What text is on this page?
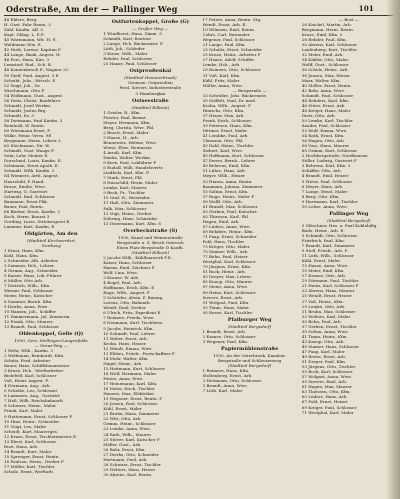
Oderstraße, Am der — Pallinger Weg	101

48 Ehlers, Berg

H. Gast. Fahr Rentn. 3

Zahl. Kaufm. Alf. 3

Kapt. Oldag. L. E.F.

40 Warmmann, Wit. H. E.

Waldmann Wm. E.

42 Huth, Lorenz, Kapitan F.

44 Lange, Bank, Angest. H.

46 Fors, Hans, Kim. 3

Lemstorf, Rud., Sch. B.

48 Konnenbruch F., Wagner 2C

50 Dietf. Paul, Angest. 3 E

Scheibt, Johs., Wrtsch. F.

52 Voigt, Joh., Dr.

Wiechmann, Otto F.

54 Wolfmann, Gust., Angest.

56 Deitz, Christ. Bauführer

Schmidt, Josef Werkm.

Schmidt, Justus Brg.

Schmidt, Pa. 3

58 Dietmann, Paul Kaufm. 3

Reinhold, W. Rentn.

60 Wiesmann Ernst, F.

Wilke, Heinr. Verm. 9E

Bergmann, Herm. Lehrer 3

62 Stöckmann, Dir. W.

Schmidt, Gust. Waage F.

Suhr, Lehr. Meiner E.

Dorscheid, Louis, Kaufm. E.

Schimann, Ernst Apoth. E.

Schmidt, Wilh. Kaufm. 3

64 Wiemers, Arth. Angest.

Hauschild, P. Hand.

Kruse, Emilie, Wwe.

Hartwig, G. Gastwirt

Schmidt, Rud. Schlosser

Baumann, Ernst Fkk.

Bauer, Paul, Rentn.

66 Bäcker, Ernst, Kaufm. 3

Koch, Herm. Baurat 3

Gerding, Lucie, Strickergerei E.

Lammer, Kurt, Kaufm. E

Oldgärten, Am den

(Stadtteil Kirchwerder)

Nordweg

1 Ernst, Hans, Kfm.

Kohl, Hans, Kfm.

2 Schneider, Alb. Arbeiter

3 Sommer, Hch., Lehrer

4 Grimm, Aug., Schneider

5 Kaiser, Hans, Lok.-Führer

6 Müller, Otto Arb.

7 Dietrich, Wilh., Kfm.

Werner, Paul, Schlosser

Meier, Heinr., Kutscher

8 Sommer, Bernh. Kfm.

9 Dierks, Anna, Wwe.

10 Hansen, Joh., Schiffer

11 Zimmermann, Jul. Zimmerm.

12 Frank, Otto, Maurer

13 Brandt, Paul, Schlosser

Oldenkoppel, Gelle (Q)

1930, Gem. Stellingen-Langenfelde

— Grenz-Weg —

1 Wehr, Wilh., Kaufm. 3

2 Wolfmann, Reinhardt, Kfm.

Schütz, Ferd. Arbeiter

Bauer, Hans, Schiffsbaumeister

3 Kruse, Hch., Werftarbeiter

Bielefeld, Karl, Schlosser

Voß, Heinr. Angest. F.

4 Dörmann, Aug., Arb.

5 Scheibe, Leo, Schlosser

6 Lammers, Aug., Gastwirt

7 Haß, Wilh. Reichsbahnarb.

8 Schwarz, Heinr., Maler

Frank, Karl, Maler

9 Huttemann, Ernst, Schlosser F

10 Hinz, Heinr., Schneider

11 Voigt, Leo, Maler

Scheidt, Kurt, Maurerges.

12 Kruse, Ernst, Tischlermeister E.

13 Ebert, Karl, Schlosser

Rust, Hans, Arb.

14 Brandt, Kurt, Maler

15 Sprenger, Ernst, Rentn.

16 Paulsen, Herm., Dreher F

17 Müller, Karl, Tischler

Schulz, Ernst, Werftarb.

Ostfurtenkoppel, Große (G)

— Großer Weg —

1 Windhorst, Hans, Zimm. 3

Schmidt, Karl, Rentner

2 Lange, Hch. Bäckermstr. F.

Lüth, Joh., Schleifer

3 Kruse, Wilh., Maler

Rehder, Paul, Schlosser

25 Haase, Paul, Schlosser

Ostpreußenkai

(Stadtteil Hammerbrook)

Grenzen: Ostpreußen

Ferd. Sievert, Industriestraße

3 Hamburgkai

Ostseestraße

(Stadtteil Eilbeck)

1 Geisler, R., Kfm.

Förster, Paul, Beamt.

Meyer, Hermann, Kfm.

Berg, Christa, Wwe. Fkl.

2 Busch, Ernst, Maler

3 Haase, H., Arb.

Benneweis, Helene, Wwe.

Wiese, Elise, Rentnerin

4 Arndt, Karl, Kfm.

Dierks, Walter, Werkm.

5 Kern, Paul, Lokführer F

6 Rudolf, Wilh. Handelsvertr.

Lindholz, Karl, Kfm. F.

7 Stark, Ernst, Fkl.

8 Hauschild, Herm. Maler

Lemke, Karl, Maurer

9 Beck, Fr., Tischler

10 Graf, H., Reisender

11 Haß, Otto, Zimmerer

Falk, Max, Schlosser

12 Vogt, Heinr., Dreher

Döhring, Hans, Schneider

13 Ostermann, Kurt, Kfm. 8

Overbeckstraße (S)

1930, Kanal und Wennerstraße

Bergstraße u. S. Bruch Ostreich

Eisen Platz Bergstraße D Kaufh.

(Stadtteil Eilbeck)

2 Jacobs Wilh., Kühlbauwerk F.E.

Kaiser, Hans, Schlosser

Harms, Emil, Zeichner F

Wolf, Lina, Wwe.

3 Krause, W. Arb.

4 Bogel, Paul, Arb.

Hoffmann, Erich, Kfm. E

Ruge, Wilh., Angest. F

5 Schröder, Alwin, F. Bauing.

Lorenz, Otto, Bahnarb.

Wendt, Emil, Dreher

6 Ulrich, Fritz, Expedient E

7 Reimers, Frieda, Wwe.

8 Neumann, Karl, Tischlerm.

9 Jacobs, Heinrich, Kfm.

10 Schmidt, Paul, Lehrer

11 Weber, Ernst, Arb.

Krohn, Hans, Heizer

12 Wendt, Emma, Wwe.

13 Ehlers, Friedr., Postschaffner F

14 Mohr, Walter, Kfm.

Nagel, Heinr., Arb.

15 Heitmann, Kurt, Schlosser

16 Wulf, Hermann, Maler

Peters, Anna, Wwe.

17 Heinemann, Karl, Kfm.

18 Meier, Erich, Tischler

Hansen, Max, Elektriker

19 Wegener, Ernst, Rentn. F

20 Jessen, Paul, Schlosser

Kühl, Ernst, Maler

21 Bruhn, Hans, Zimmerer

22 Witt, Otto, Arb.

Grimm, Heinr., Schlosser

23 Lemke, Anna, Wwe.

24 Rath, Wilh., Maurer

25 Stöver, Karl, Kutscher F

Möller, Gust., Arb.

26 Bahr, Ernst, Kfm.

27 Dierks, Otto, Schneider

Hartmann, Paul, Arb.

28 Schwarz, Ernst, Tischler

29 Wolters, Hans, Heizer

30 Ahrens, Karl, Rentn.

17 Peters, Anna, Rentn. Stg.

Wendt, Ernst, Arb. E.

19 Wilmsen, Emil, Rentn.

Cohrs, Carl, Reisender

Wegener, Paul, Schlosser

21 Lange, Paul, Kfm.

23 Schultz, Ernst, Schneider

25 Kruse, Heinr., Arbeiter F

27 Haase, Adolf, Schiffer

Lemke, Hch., Arb.

29 Reimers, Otto, Schlosser

31 Voß, Karl, Kfm.

Kühl, Fritz, Maler

Möller, Anna, Wwe.

— Bergstraße —

33 Schröder, Johs. Bäckermstr.

35 Stöffelt, Paul, Dr. med.

Krohn, Wilh., Angest. F

Hinrichs, Otto, Kfm.

37 Heuer, Max, Arb.

Frank, Erich, Schlosser

39 Petersen, Hans, Kfm.

Dittmer, Ernst, Maler

41 Lembke, Paul, Arb.

Claussen, Otto, Fkl.

43 Dahl, Heinr., Tischler

Siebert, Karl, Wwe.

45 Hoffmann, Kurt, Schlosser

47 Ewers, Bernh., Lehrer

49 Behrens, Emil, Kfm.

51 Lührs, Hans, Arb.

Meyer, Wilh., Heizer

53 Harms, Anna, Rentn.

Baumann, Johann, Zimmerer

55 Soltau, Ernst, Kfm.

57 Ruge, Heinr., Maler F

59 Wulff, Otto, Arb.

61 Brandt, Max, Schlosser

63 Gerken, Paul, Kutscher

65 Thiessen, Karl, Fkl.

Hagen, Emil, Arb.

67 Lüders, Anna, Wwe.

69 Rehders, Heinr., Kfm.

71 Paap, Ernst, Schneider

Pohl, Hans, Tischler

73 Kröger, Otto, Maler

75 Stamer, Wilh., Arb.

77 Behn, Paul, Heizer

Westphal, Karl, Schlosser

79 Jürgens, Ernst, Kfm.

81 Bock, Heinr., Arb.

83 Dreyer, Max, Lehrer

85 Knoop, Otto, Maurer

87 Meier, Anna, Wwe.

89 Heins, Kurt, Schlosser

Sievers, Ernst, Arb.

91 Wolgast, Paul, Kfm.

93 Timm, Hans, Maler

95 Reese, Karl, Tischler

Pfalburger Weg

(Stadtteil Bergedorf)

1 Brandt, Ernst, Arb.

2 Krause, Otto, Schlosser

3 Wegener, Paul, Kfm.

Papiermühlenstraße

1930, An der Osterbrook, Kanalstr.

Bergstraße und Schleusenweg

(Stadtteil Bergedorf)

1 Reimers, Hans, Kfm.

Stoltenberg, Ernst, Arb.

3 Heitmann, Otto, Schlosser

5 Brandt, Anna, Wwe.

7 Lüth, Karl, Maler

— Bost —

26 Knickel, Martin, Arb.

Bergmann, Herm. Rentn.

Kruse, Emil, Kfm. 3

28 Rehder, Paul, Kfm.

30 Ahrens, Karl, Schlosser

Laufenberg, Kurt, Tischler

32 Meier, Emil, Arb.

34 Kähler, Otto, Maler

Wolff, Gust., Schlosser

36 Scholz, Heinr., Arb.

38 Jensen, Max, Heizer

Marx, Walter, Kfm.

40 Möller, Ernst, Rentn.

42 Bahr, Anna, Wwe.

Schmidt, Paul, Schlosser

44 Rehders, Karl, Kfm.

46 Stüve, Ernst, Arb.

48 Kröger, Hans, Maler

Dietz, Otto, Arb.

50 Lemke, Karl, Tischler

Sander, Paul, Schlosser

52 Wulf, Emma, Wwe.

54 Rath, Ernst, Kfm.

56 Hagen, Otto, Arb.

58 Voss, Hans, Maurer

60 Grimm, Kurt, Schlosser

2 Hochbergstraße, Nordhausen

Stiller, Ludwig, Gastwirt F

3 Behrens, Karl, Kfm. 3

Schäffer, Otto, Arb.

4 Brandt, Emil, Heizer

5 Wiese, Paul, Schlosser

6 Meyer, Hans, Arb.

7 Lange, Ernst, Maler

8 Berg, Otto, Kfm.

9 Hartmann, Karl, Tischler

10 Lohse, Anna, Wwe.

Pallinger Weg

(Stadtteil Bergedorf)

3 Gläschner, Hrn. u. Paul Kohlnhdlg.

Bodo, Heinr., Arb. E.

5 Schmidt, Otto, Schlosser

Friedrich, Paul, Kfm.

7 Brandt, Karl, Zimmerer

9 Stoll, Friedr., Arb. F.

11 Lüth, Wilh., Schlosser

Kühl, Ernst, Maler

13 Haase, Anna, Wwe.

15 Meier, Emil, Kfm.

17 Krause, Otto, Arb.

19 Dörmann, Paul, Tischler

21 Heins, Karl, Schlosser F

23 Ahrens, Hans, Maurer

25 Wendt, Ernst, Heizer

27 Voß, Heinr., Kfm.

29 Lemke, Otto, Arb.

31 Bruhn, Max, Schlosser

33 Wolters, Karl, Maler

35 Behn, Paul, Arb.

37 Gerken, Ernst, Tischler

39 Soltau, Anna, Wwe.

41 Timm, Heinr., Kfm.

43 Knoop, Otto, Arb.

45 Stamer, Hans, Schlosser

47 Paap, Karl, Maler

49 Reese, Ernst, Arb.

51 Dreyer, Paul, Kfm.

53 Jürgens, Otto, Tischler

55 Bock, Karl, Schlosser

57 Wolgast, Anna, Wwe.

59 Sievers, Emil, Arb.

61 Hagen, Max, Maurer

63 Thiessen, Otto, Kfm.

65 Lüders, Hans, Arb.

67 Pohl, Ernst, Heizer

69 Kröger, Paul, Schlosser

71 Westphal, Karl, Maler
